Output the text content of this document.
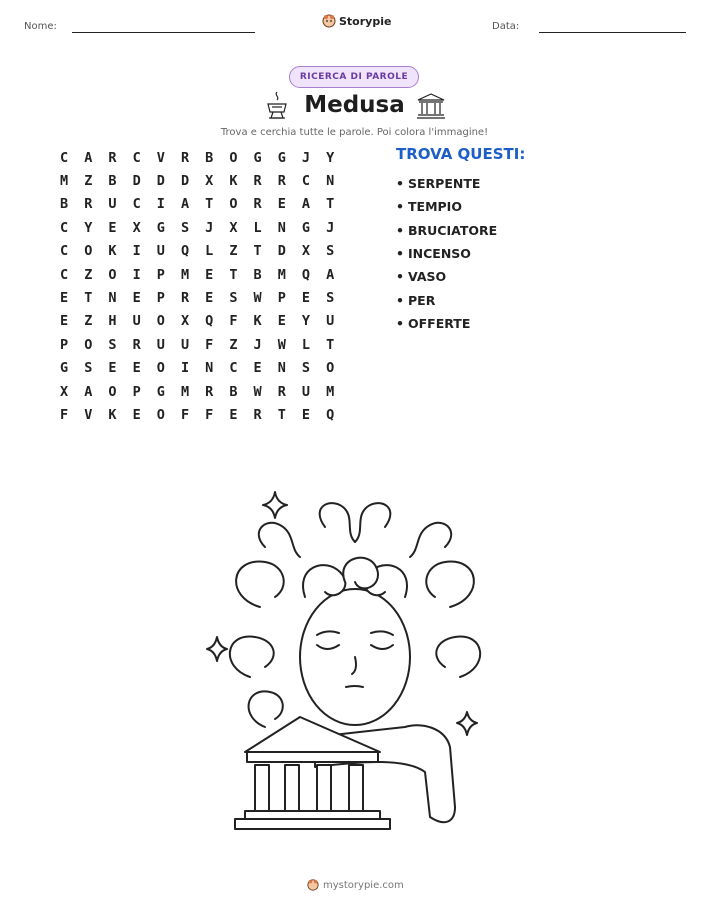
Nome:	Storypie	Data:
RICERCA DI PAROLE
Medusa
Trova e cerchia tutte le parole. Poi colora l'immagine!
C	A	R	C	V	R	B	O	G	G	J	Y
M	Z	B	D	D	D	X	K	R	R	C	N
B	R	U	C	I	A	T	O	R	E	A	T
C	Y	E	X	G	S	J	X	L	N	G	J
C	O	K	I	U	Q	L	Z	T	D	X	S
C	Z	O	I	P	M	E	T	B	M	Q	A
E	T	N	E	P	R	E	S	W	P	E	S
E	Z	H	U	O	X	Q	F	K	E	Y	U
P	O	S	R	U	U	F	Z	J	W	L	T
G	S	E	E	O	I	N	C	E	N	S	O
X	A	O	P	G	M	R	B	W	R	U	M
F	V	K	E	O	F	F	E	R	T	E	Q
TROVA QUESTI:
• SERPENTE
• TEMPIO
• BRUCIATORE
• INCENSO
• VASO
• PER
• OFFERTE
mystorypie.com
